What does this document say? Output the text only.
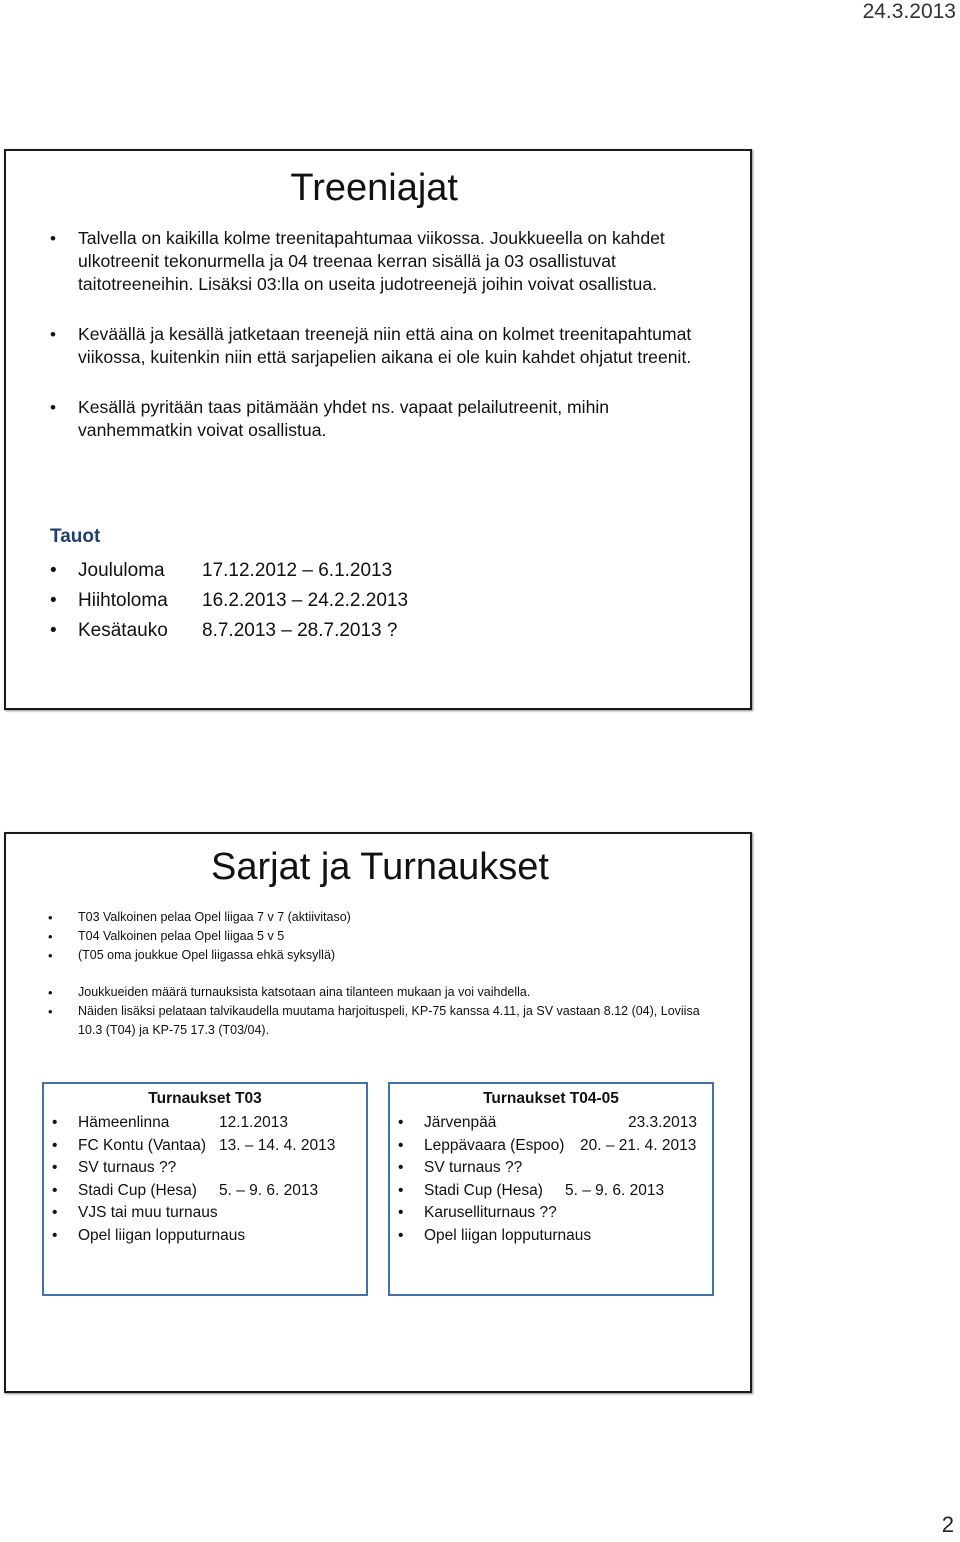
24.3.2013
Treeniajat
• Talvella on kaikilla kolme treenitapahtumaa viikossa. Joukkueella on kahdet ulkotreenit tekonurmella ja 04 treenaa kerran sisällä ja 03 osallistuvat taitotreeneihin. Lisäksi 03:lla on useita judotreenejä joihin voivat osallistua.
• Keväällä ja kesällä jatketaan treenejä niin että aina on kolmet treenitapahtumat viikossa, kuitenkin niin että sarjapelien aikana ei ole kuin kahdet ohjatut treenit.
• Kesällä pyritään taas pitämään yhdet ns. vapaat pelailutreenit, mihin vanhemmatkin voivat osallistua.
Tauot
• Joululoma 17.12.2012 – 6.1.2013
• Hiihtoloma 16.2.2013 – 24.2.2.2013
• Kesätauko 8.7.2013 – 28.7.2013 ?
Sarjat ja Turnaukset
• T03 Valkoinen pelaa Opel liigaa 7 v 7 (aktiivitaso)
• T04 Valkoinen pelaa Opel liigaa 5 v 5
• (T05 oma joukkue Opel liigassa ehkä syksyllä)
• Joukkueiden määrä turnauksista katsotaan aina tilanteen mukaan ja voi vaihdella.
• Näiden lisäksi pelataan talvikaudella muutama harjoituspeli, KP-75 kanssa 4.11, ja SV vastaan 8.12 (04), Loviisa 10.3 (T04) ja KP-75 17.3 (T03/04).
Turnaukset T03
• Hämeenlinna	12.1.2013
• FC Kontu (Vantaa) 13. – 14. 4. 2013
• SV turnaus ??
• Stadi Cup (Hesa) 5. – 9. 6. 2013
• VJS tai muu turnaus
• Opel liigan lopputurnaus
Turnaukset T04-05
• Järvenpää	23.3.2013
• Leppävaara (Espoo) 20. – 21. 4. 2013
• SV turnaus ??
• Stadi Cup (Hesa) 5. – 9. 6. 2013
• Karuselliturnaus ??
• Opel liigan lopputurnaus
2
